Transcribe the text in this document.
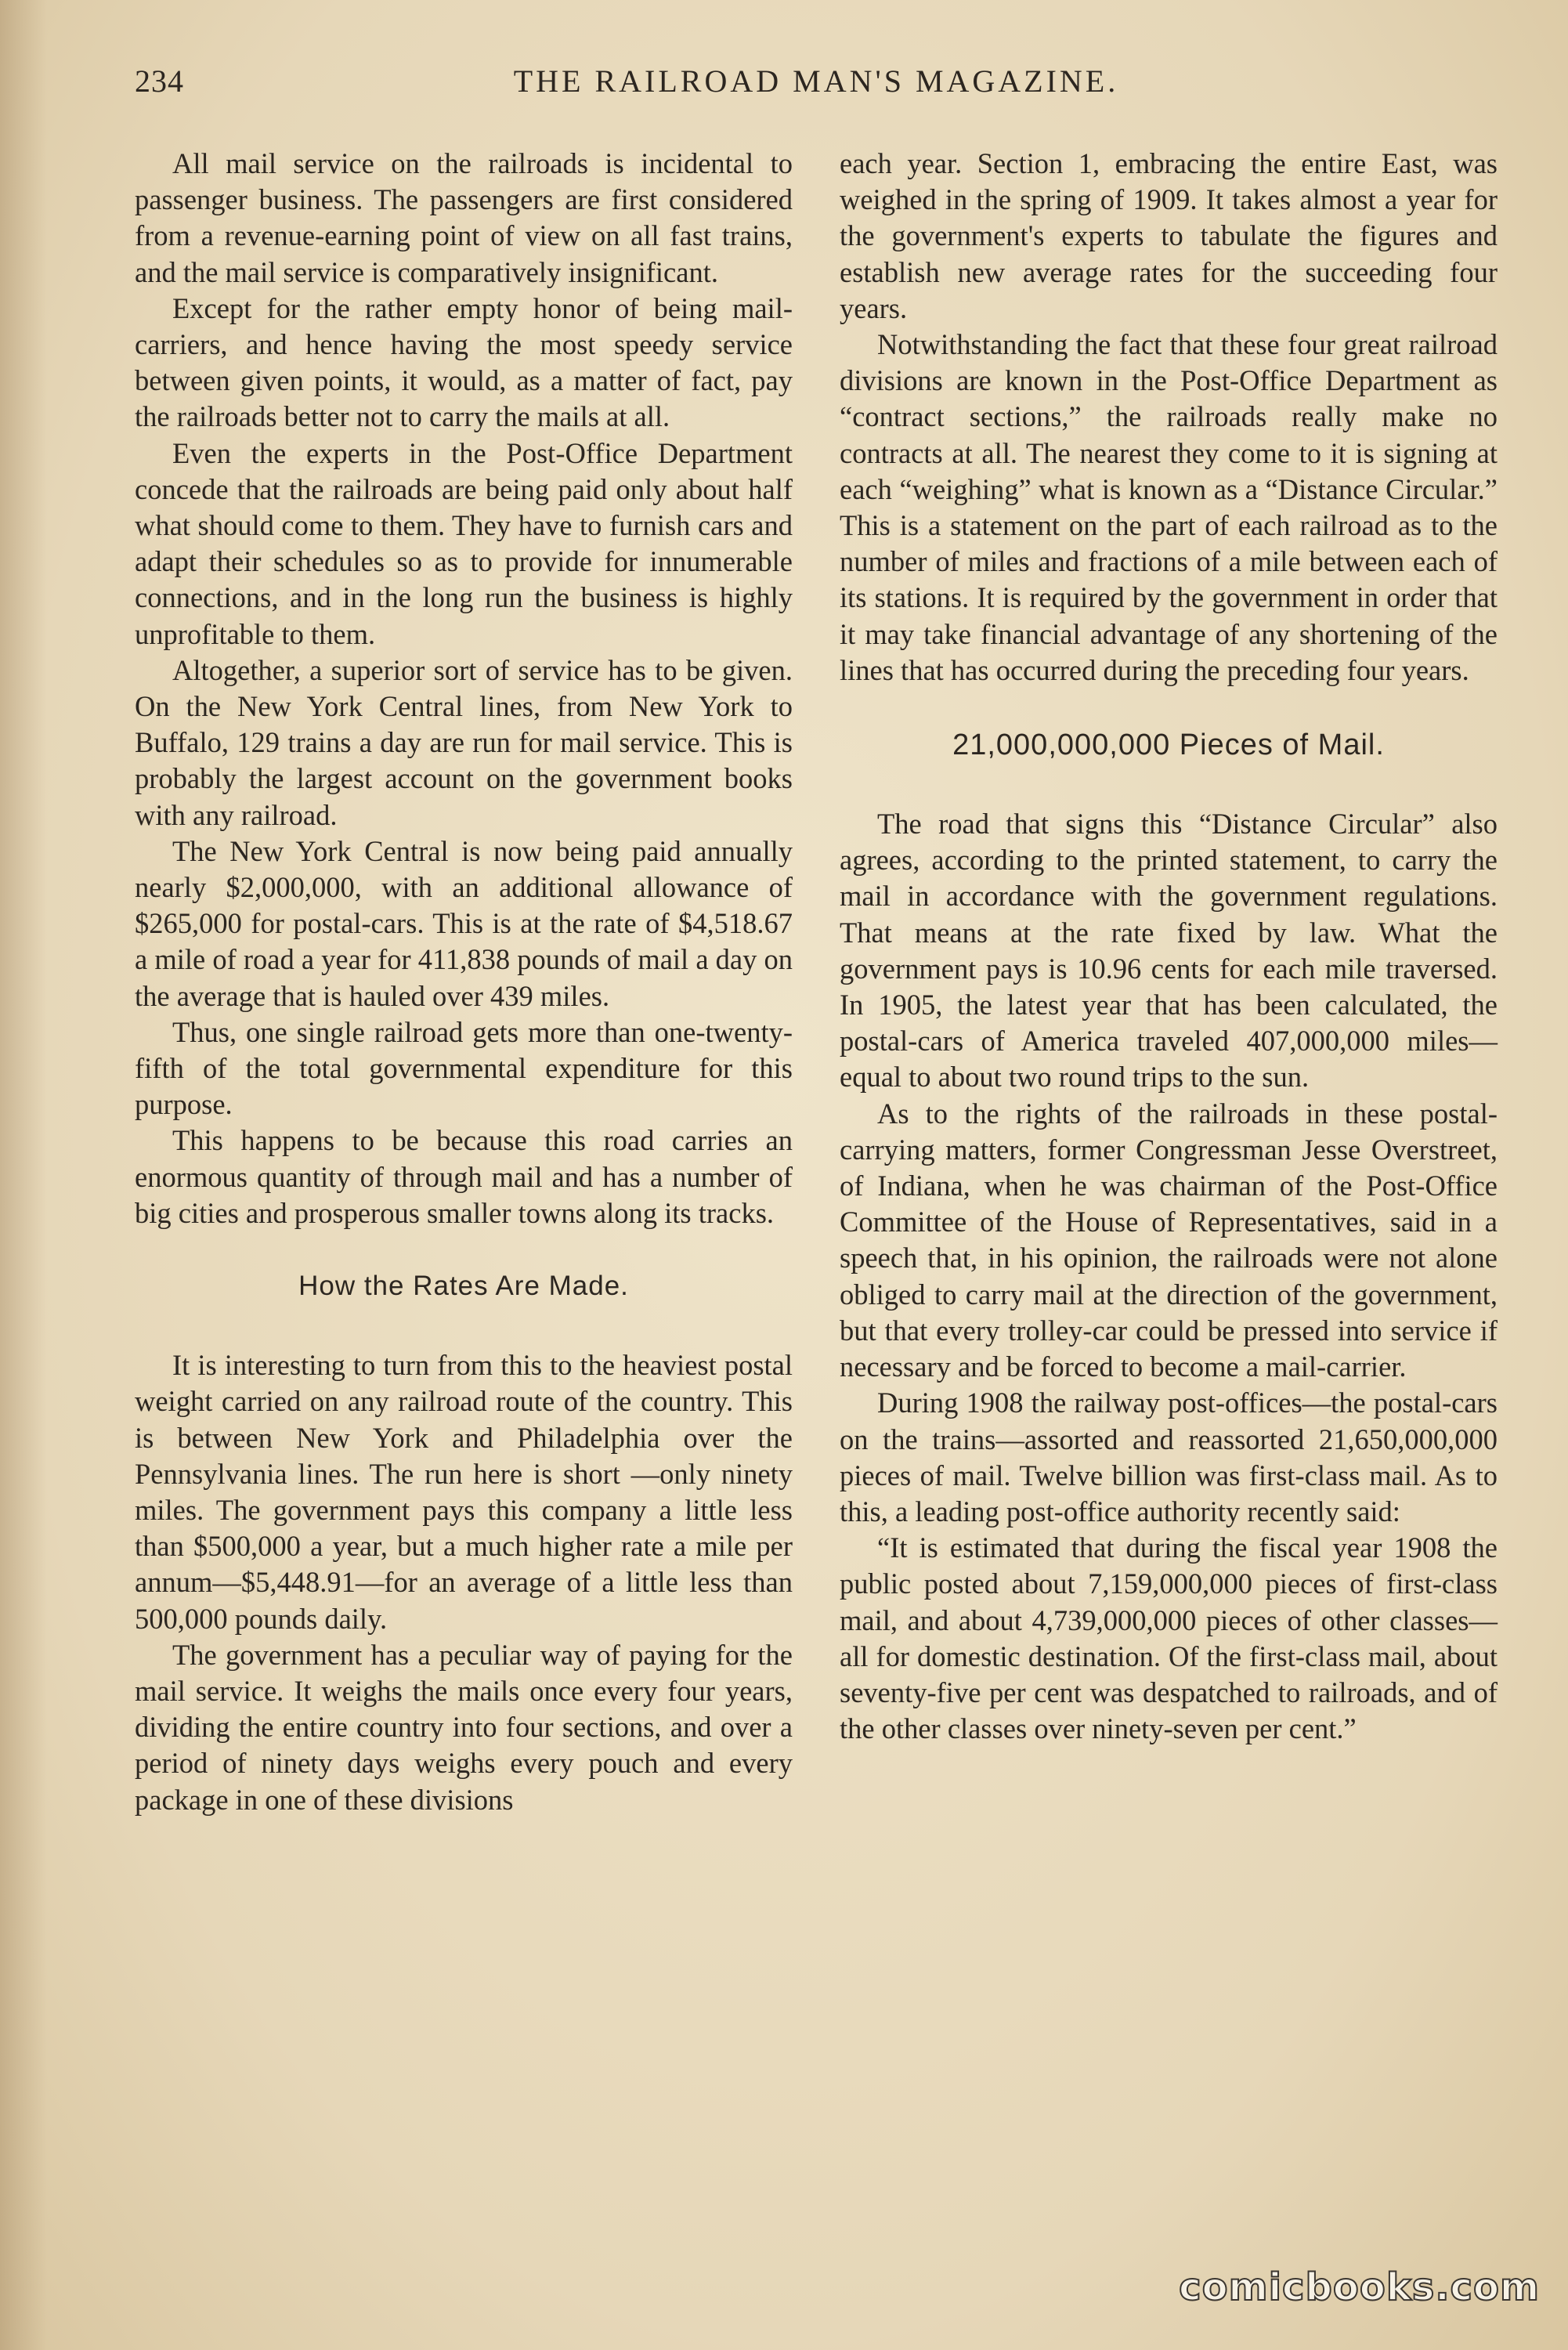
234	THE RAILROAD MAN'S MAGAZINE.

All mail service on the railroads is incidental to passenger business. The passengers are first considered from a revenue-earning point of view on all fast trains, and the mail service is comparatively insignificant.

Except for the rather empty honor of being mail-carriers, and hence having the most speedy service between given points, it would, as a matter of fact, pay the railroads better not to carry the mails at all.

Even the experts in the Post-Office Department concede that the railroads are being paid only about half what should come to them. They have to furnish cars and adapt their schedules so as to provide for innumerable connections, and in the long run the business is highly unprofitable to them.

Altogether, a superior sort of service has to be given. On the New York Central lines, from New York to Buffalo, 129 trains a day are run for mail service. This is probably the largest account on the government books with any railroad.

The New York Central is now being paid annually nearly $2,000,000, with an additional allowance of $265,000 for postal-cars. This is at the rate of $4,518.67 a mile of road a year for 411,838 pounds of mail a day on the average that is hauled over 439 miles.

Thus, one single railroad gets more than one-twenty-fifth of the total governmental expenditure for this purpose.

This happens to be because this road carries an enormous quantity of through mail and has a number of big cities and prosperous smaller towns along its tracks.

How the Rates Are Made.

It is interesting to turn from this to the heaviest postal weight carried on any railroad route of the country. This is between New York and Philadelphia over the Pennsylvania lines. The run here is short —only ninety miles. The government pays this company a little less than $500,000 a year, but a much higher rate a mile per annum—$5,448.91—for an average of a little less than 500,000 pounds daily.

The government has a peculiar way of paying for the mail service. It weighs the mails once every four years, dividing the entire country into four sections, and over a period of ninety days weighs every pouch and every package in one of these divisions

each year. Section 1, embracing the entire East, was weighed in the spring of 1909. It takes almost a year for the government's experts to tabulate the figures and establish new average rates for the succeeding four years.

Notwithstanding the fact that these four great railroad divisions are known in the Post-Office Department as “contract sections,” the railroads really make no contracts at all. The nearest they come to it is signing at each “weighing” what is known as a “Distance Circular.” This is a statement on the part of each railroad as to the number of miles and fractions of a mile between each of its stations. It is required by the government in order that it may take financial advantage of any shortening of the lines that has occurred during the preceding four years.

21,000,000,000 Pieces of Mail.

The road that signs this “Distance Circular” also agrees, according to the printed statement, to carry the mail in accordance with the government regulations. That means at the rate fixed by law. What the government pays is 10.96 cents for each mile traversed. In 1905, the latest year that has been calculated, the postal-cars of America traveled 407,000,000 miles—equal to about two round trips to the sun.

As to the rights of the railroads in these postal-carrying matters, former Congressman Jesse Overstreet, of Indiana, when he was chairman of the Post-Office Committee of the House of Representatives, said in a speech that, in his opinion, the railroads were not alone obliged to carry mail at the direction of the government, but that every trolley-car could be pressed into service if necessary and be forced to become a mail-carrier.

During 1908 the railway post-offices—the postal-cars on the trains—assorted and reassorted 21,650,000,000 pieces of mail. Twelve billion was first-class mail. As to this, a leading post-office authority recently said:

“It is estimated that during the fiscal year 1908 the public posted about 7,159,000,000 pieces of first-class mail, and about 4,739,000,000 pieces of other classes—all for domestic destination. Of the first-class mail, about seventy-five per cent was despatched to railroads, and of the other classes over ninety-seven per cent.”

comicbooks.com
